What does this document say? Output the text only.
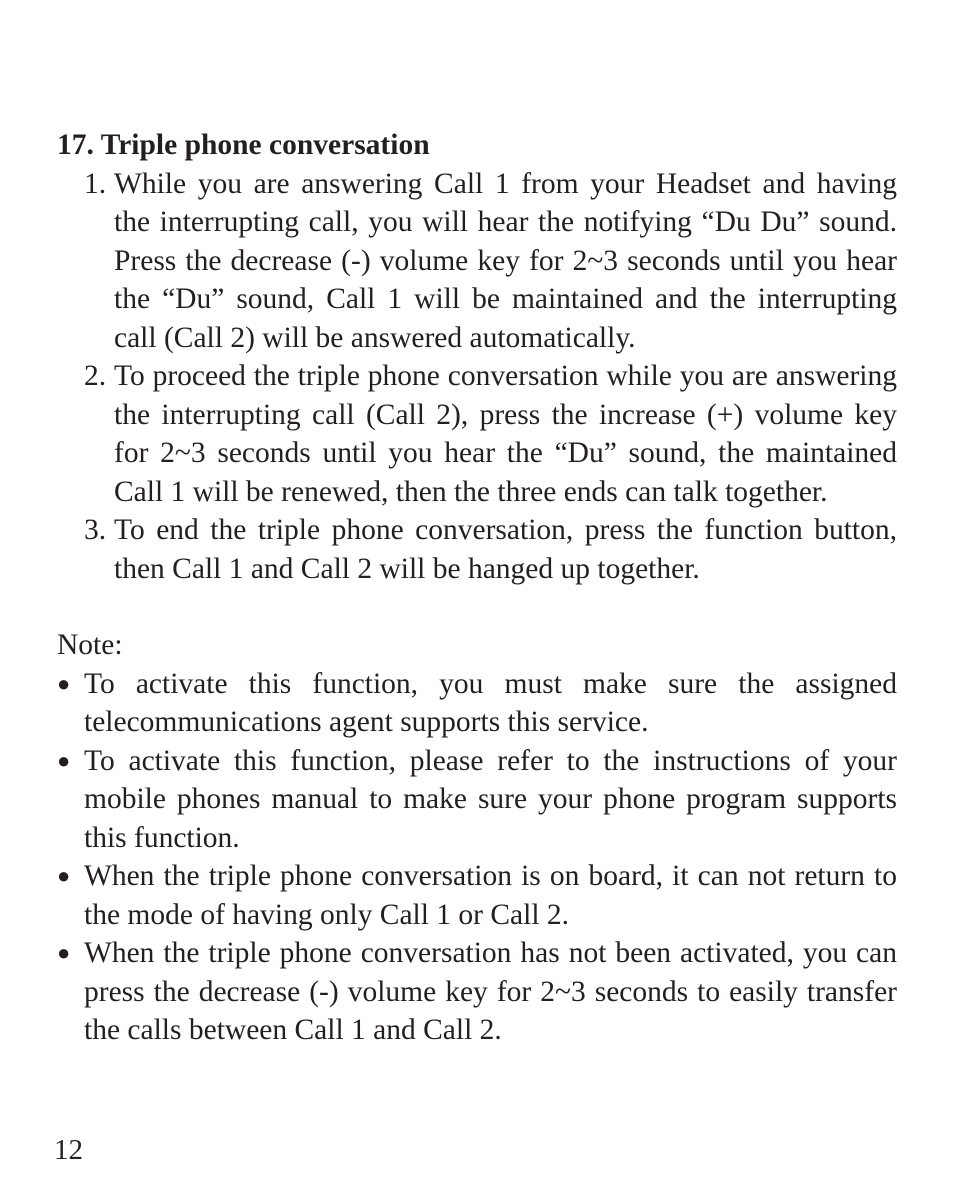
17. Triple phone conversation
1. While you are answering Call 1 from your Headset and having the interrupting call, you will hear the notifying “Du Du” sound. Press the decrease (-) volume key for 2~3 seconds until you hear the “Du” sound, Call 1 will be maintained and the interrupting call (Call 2) will be answered automatically.
2. To proceed the triple phone conversation while you are answering the interrupting call (Call 2), press the increase (+) volume key for 2~3 seconds until you hear the “Du” sound, the maintained Call 1 will be renewed, then the three ends can talk together.
3. To end the triple phone conversation, press the function button, then Call 1 and Call 2 will be hanged up together.
Note:
● To activate this function, you must make sure the assigned telecommunications agent supports this service.
● To activate this function, please refer to the instructions of your mobile phones manual to make sure your phone program supports this function.
● When the triple phone conversation is on board, it can not return to the mode of having only Call 1 or Call 2.
● When the triple phone conversation has not been activated, you can press the decrease (-) volume key for 2~3 seconds to easily transfer the calls between Call 1 and Call 2.
12
